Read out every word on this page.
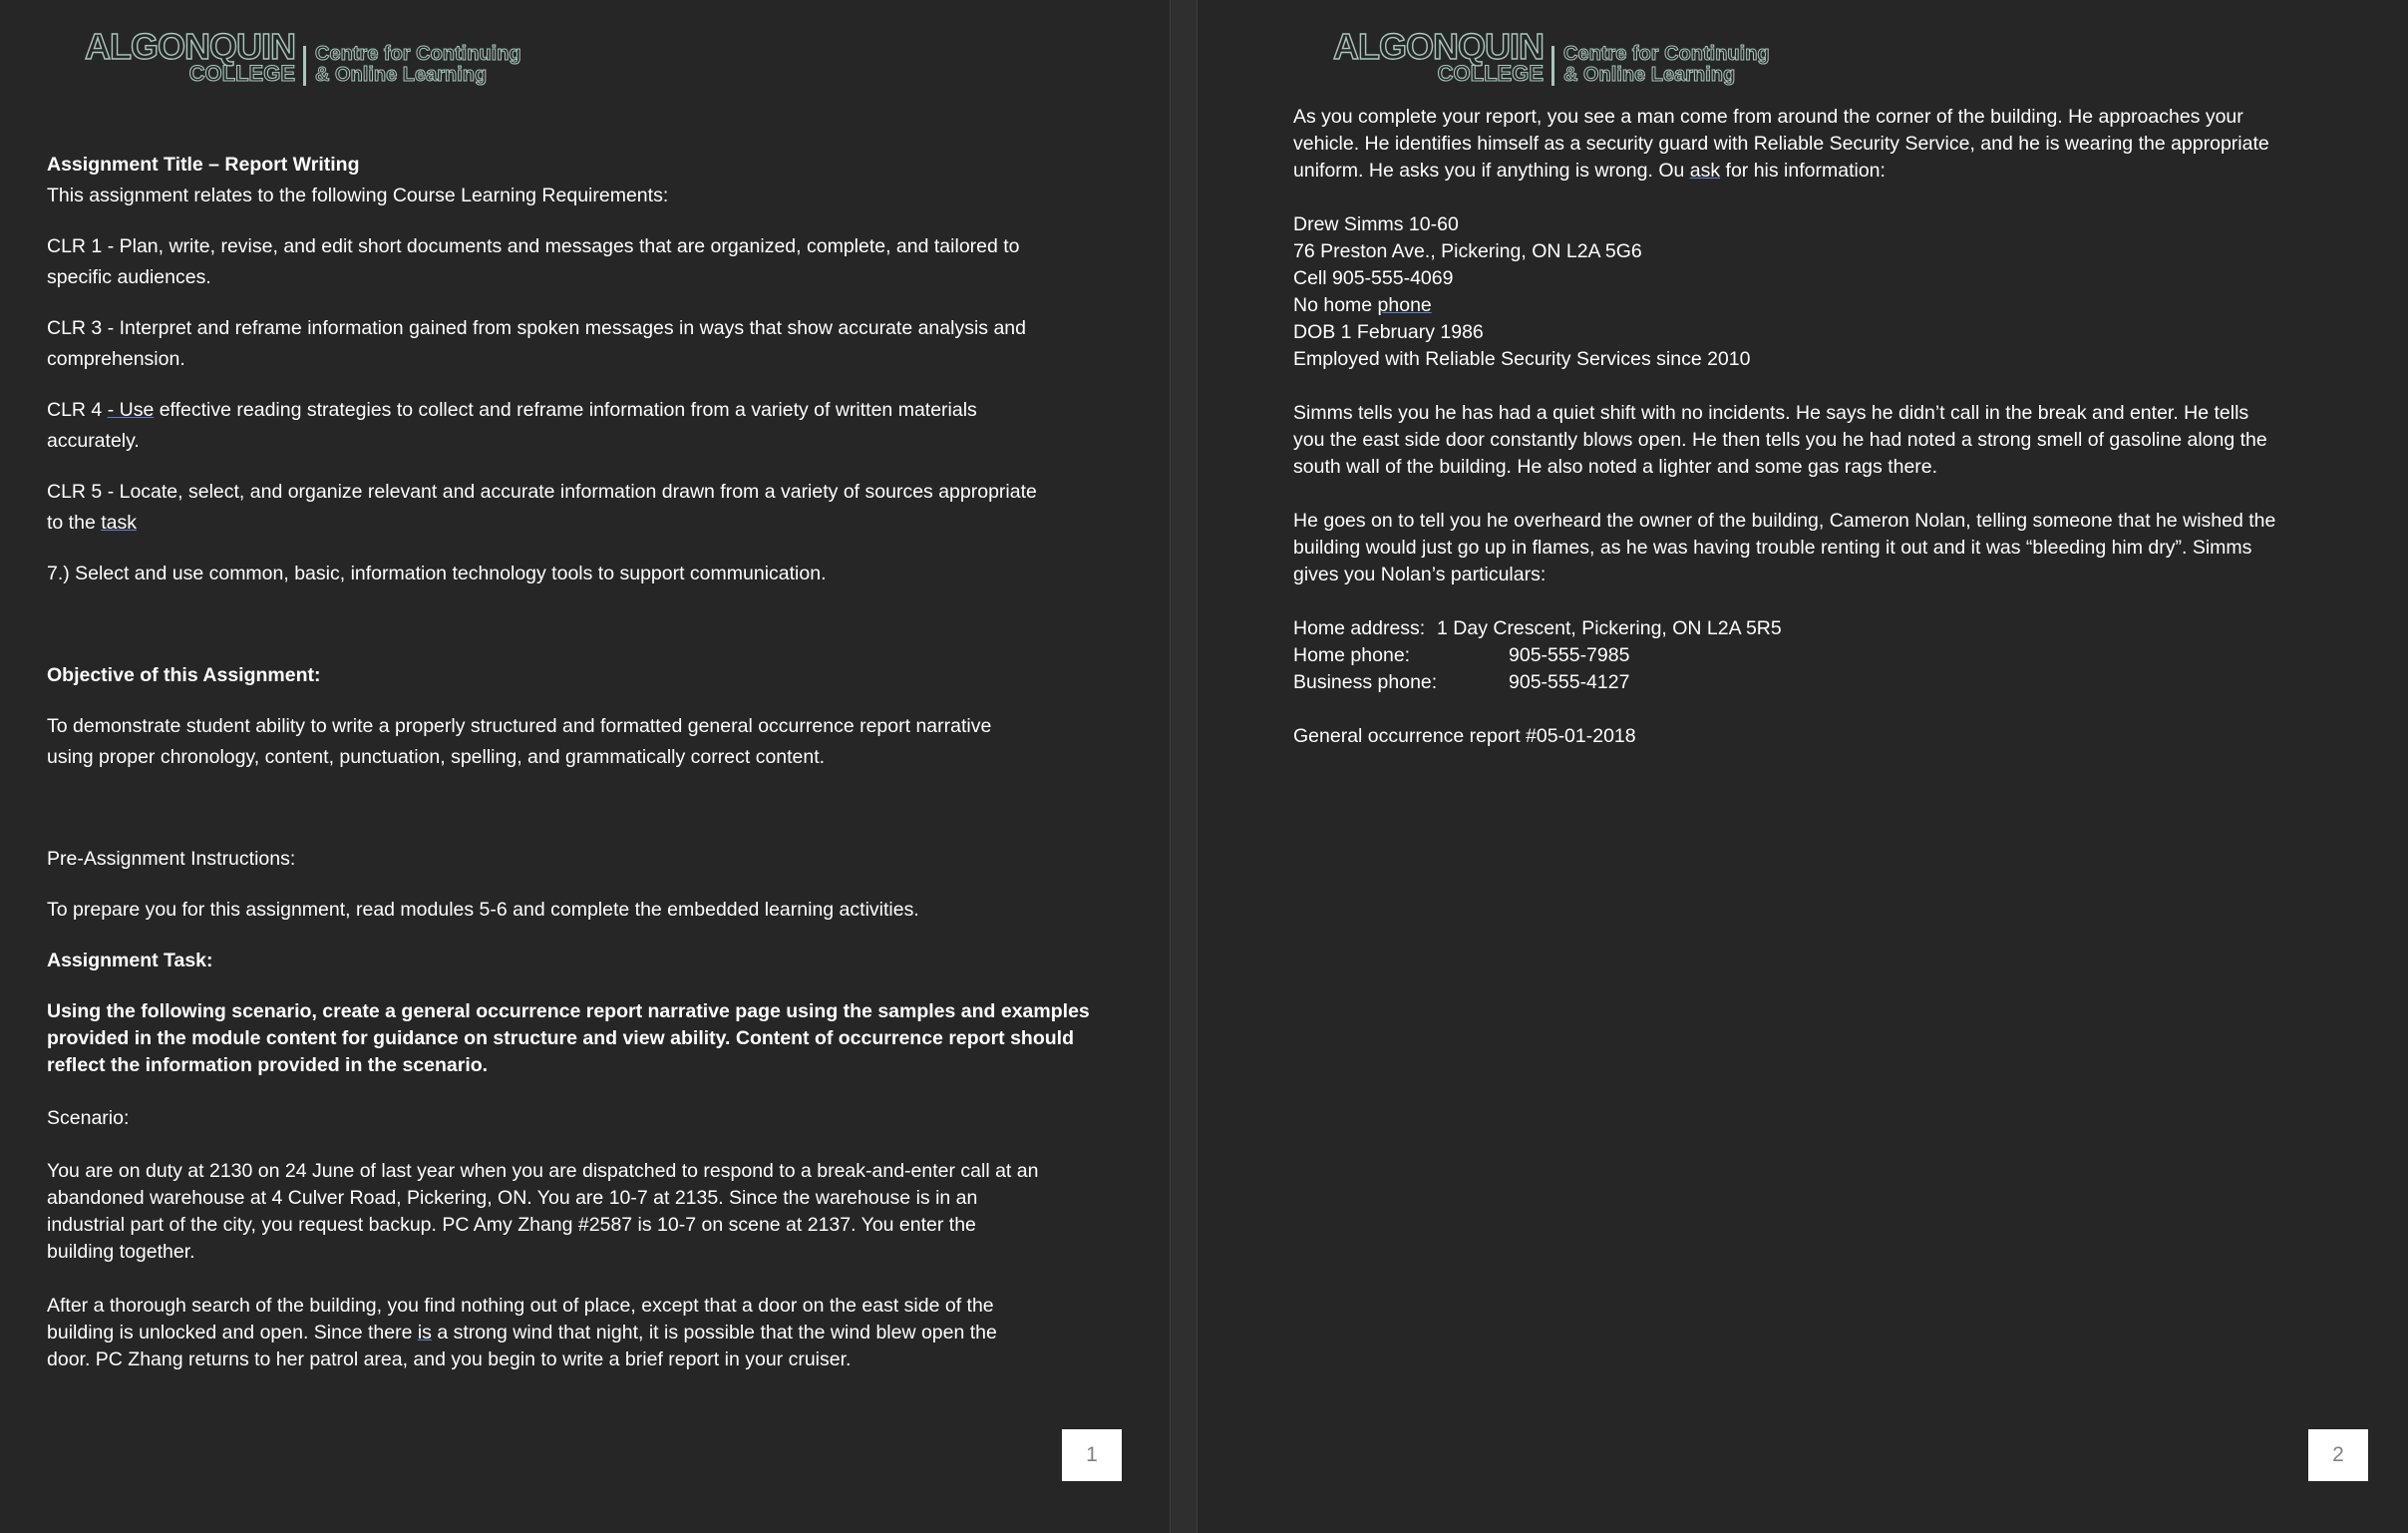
ALGONQUIN
COLLEGE
Centre for Continuing
& Online Learning
Assignment Title – Report Writing
This assignment relates to the following Course Learning Requirements:
CLR 1 - Plan, write, revise, and edit short documents and messages that are organized, complete, and tailored to
specific audiences.
CLR 3 - Interpret and reframe information gained from spoken messages in ways that show accurate analysis and
comprehension.
CLR 4 - Use effective reading strategies to collect and reframe information from a variety of written materials
accurately.
CLR 5 - Locate, select, and organize relevant and accurate information drawn from a variety of sources appropriate
to the task
7.) Select and use common, basic, information technology tools to support communication.
Objective of this Assignment:
To demonstrate student ability to write a properly structured and formatted general occurrence report narrative
using proper chronology, content, punctuation, spelling, and grammatically correct content.
Pre-Assignment Instructions:
To prepare you for this assignment, read modules 5-6 and complete the embedded learning activities.
Assignment Task:
Using the following scenario, create a general occurrence report narrative page using the samples and examples
provided in the module content for guidance on structure and view ability. Content of occurrence report should
reflect the information provided in the scenario.
Scenario:
You are on duty at 2130 on 24 June of last year when you are dispatched to respond to a break-and-enter call at an
abandoned warehouse at 4 Culver Road, Pickering, ON. You are 10-7 at 2135. Since the warehouse is in an
industrial part of the city, you request backup. PC Amy Zhang #2587 is 10-7 on scene at 2137. You enter the
building together.
After a thorough search of the building, you find nothing out of place, except that a door on the east side of the
building is unlocked and open. Since there is a strong wind that night, it is possible that the wind blew open the
door. PC Zhang returns to her patrol area, and you begin to write a brief report in your cruiser.
1
ALGONQUIN
COLLEGE
Centre for Continuing
& Online Learning
As you complete your report, you see a man come from around the corner of the building. He approaches your
vehicle. He identifies himself as a security guard with Reliable Security Service, and he is wearing the appropriate
uniform. He asks you if anything is wrong. Ou ask for his information:
Drew Simms 10-60
76 Preston Ave., Pickering, ON L2A 5G6
Cell 905-555-4069
No home phone
DOB 1 February 1986
Employed with Reliable Security Services since 2010
Simms tells you he has had a quiet shift with no incidents. He says he didn’t call in the break and enter. He tells
you the east side door constantly blows open. He then tells you he had noted a strong smell of gasoline along the
south wall of the building. He also noted a lighter and some gas rags there.
He goes on to tell you he overheard the owner of the building, Cameron Nolan, telling someone that he wished the
building would just go up in flames, as he was having trouble renting it out and it was “bleeding him dry”. Simms
gives you Nolan’s particulars:
Home address: 1 Day Crescent, Pickering, ON L2A 5R5
Home phone:	905-555-7985
Business phone:	905-555-4127
General occurrence report #05-01-2018
2
